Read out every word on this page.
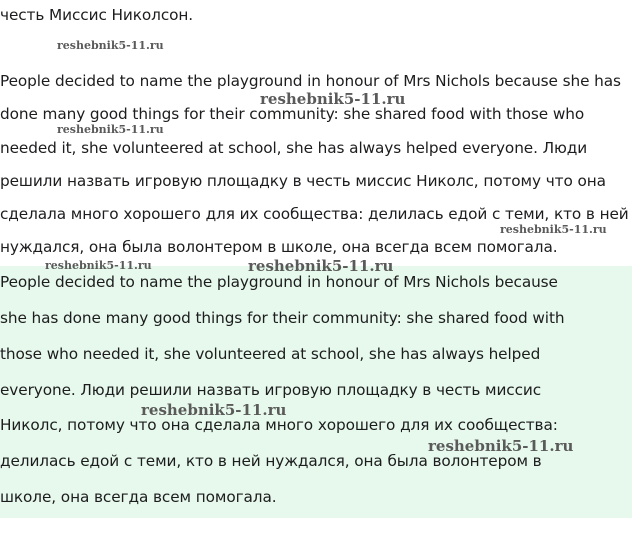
честь Миссис Николсон.
People decided to name the playground in honour of Mrs Nichols because she has
done many good things for their community: she shared food with those who
needed it, she volunteered at school, she has always helped everyone. Люди
решили назвать игровую площадку в честь миссис Николс, потому что она
сделала много хорошего для их сообщества: делилась едой с теми, кто в ней
нуждался, она была волонтером в школе, она всегда всем помогала.
People decided to name the playground in honour of Mrs Nichols because
she has done many good things for their community: she shared food with
those who needed it, she volunteered at school, she has always helped
everyone. Люди решили назвать игровую площадку в честь миссис
Николс, потому что она сделала много хорошего для их сообщества:
делилась едой с теми, кто в ней нуждался, она была волонтером в
школе, она всегда всем помогала.
reshebnik5-11.ru
reshebnik5-11.ru
reshebnik5-11.ru
reshebnik5-11.ru
reshebnik5-11.ru	reshebnik5-11.ru
reshebnik5-11.ru
reshebnik5-11.ru
